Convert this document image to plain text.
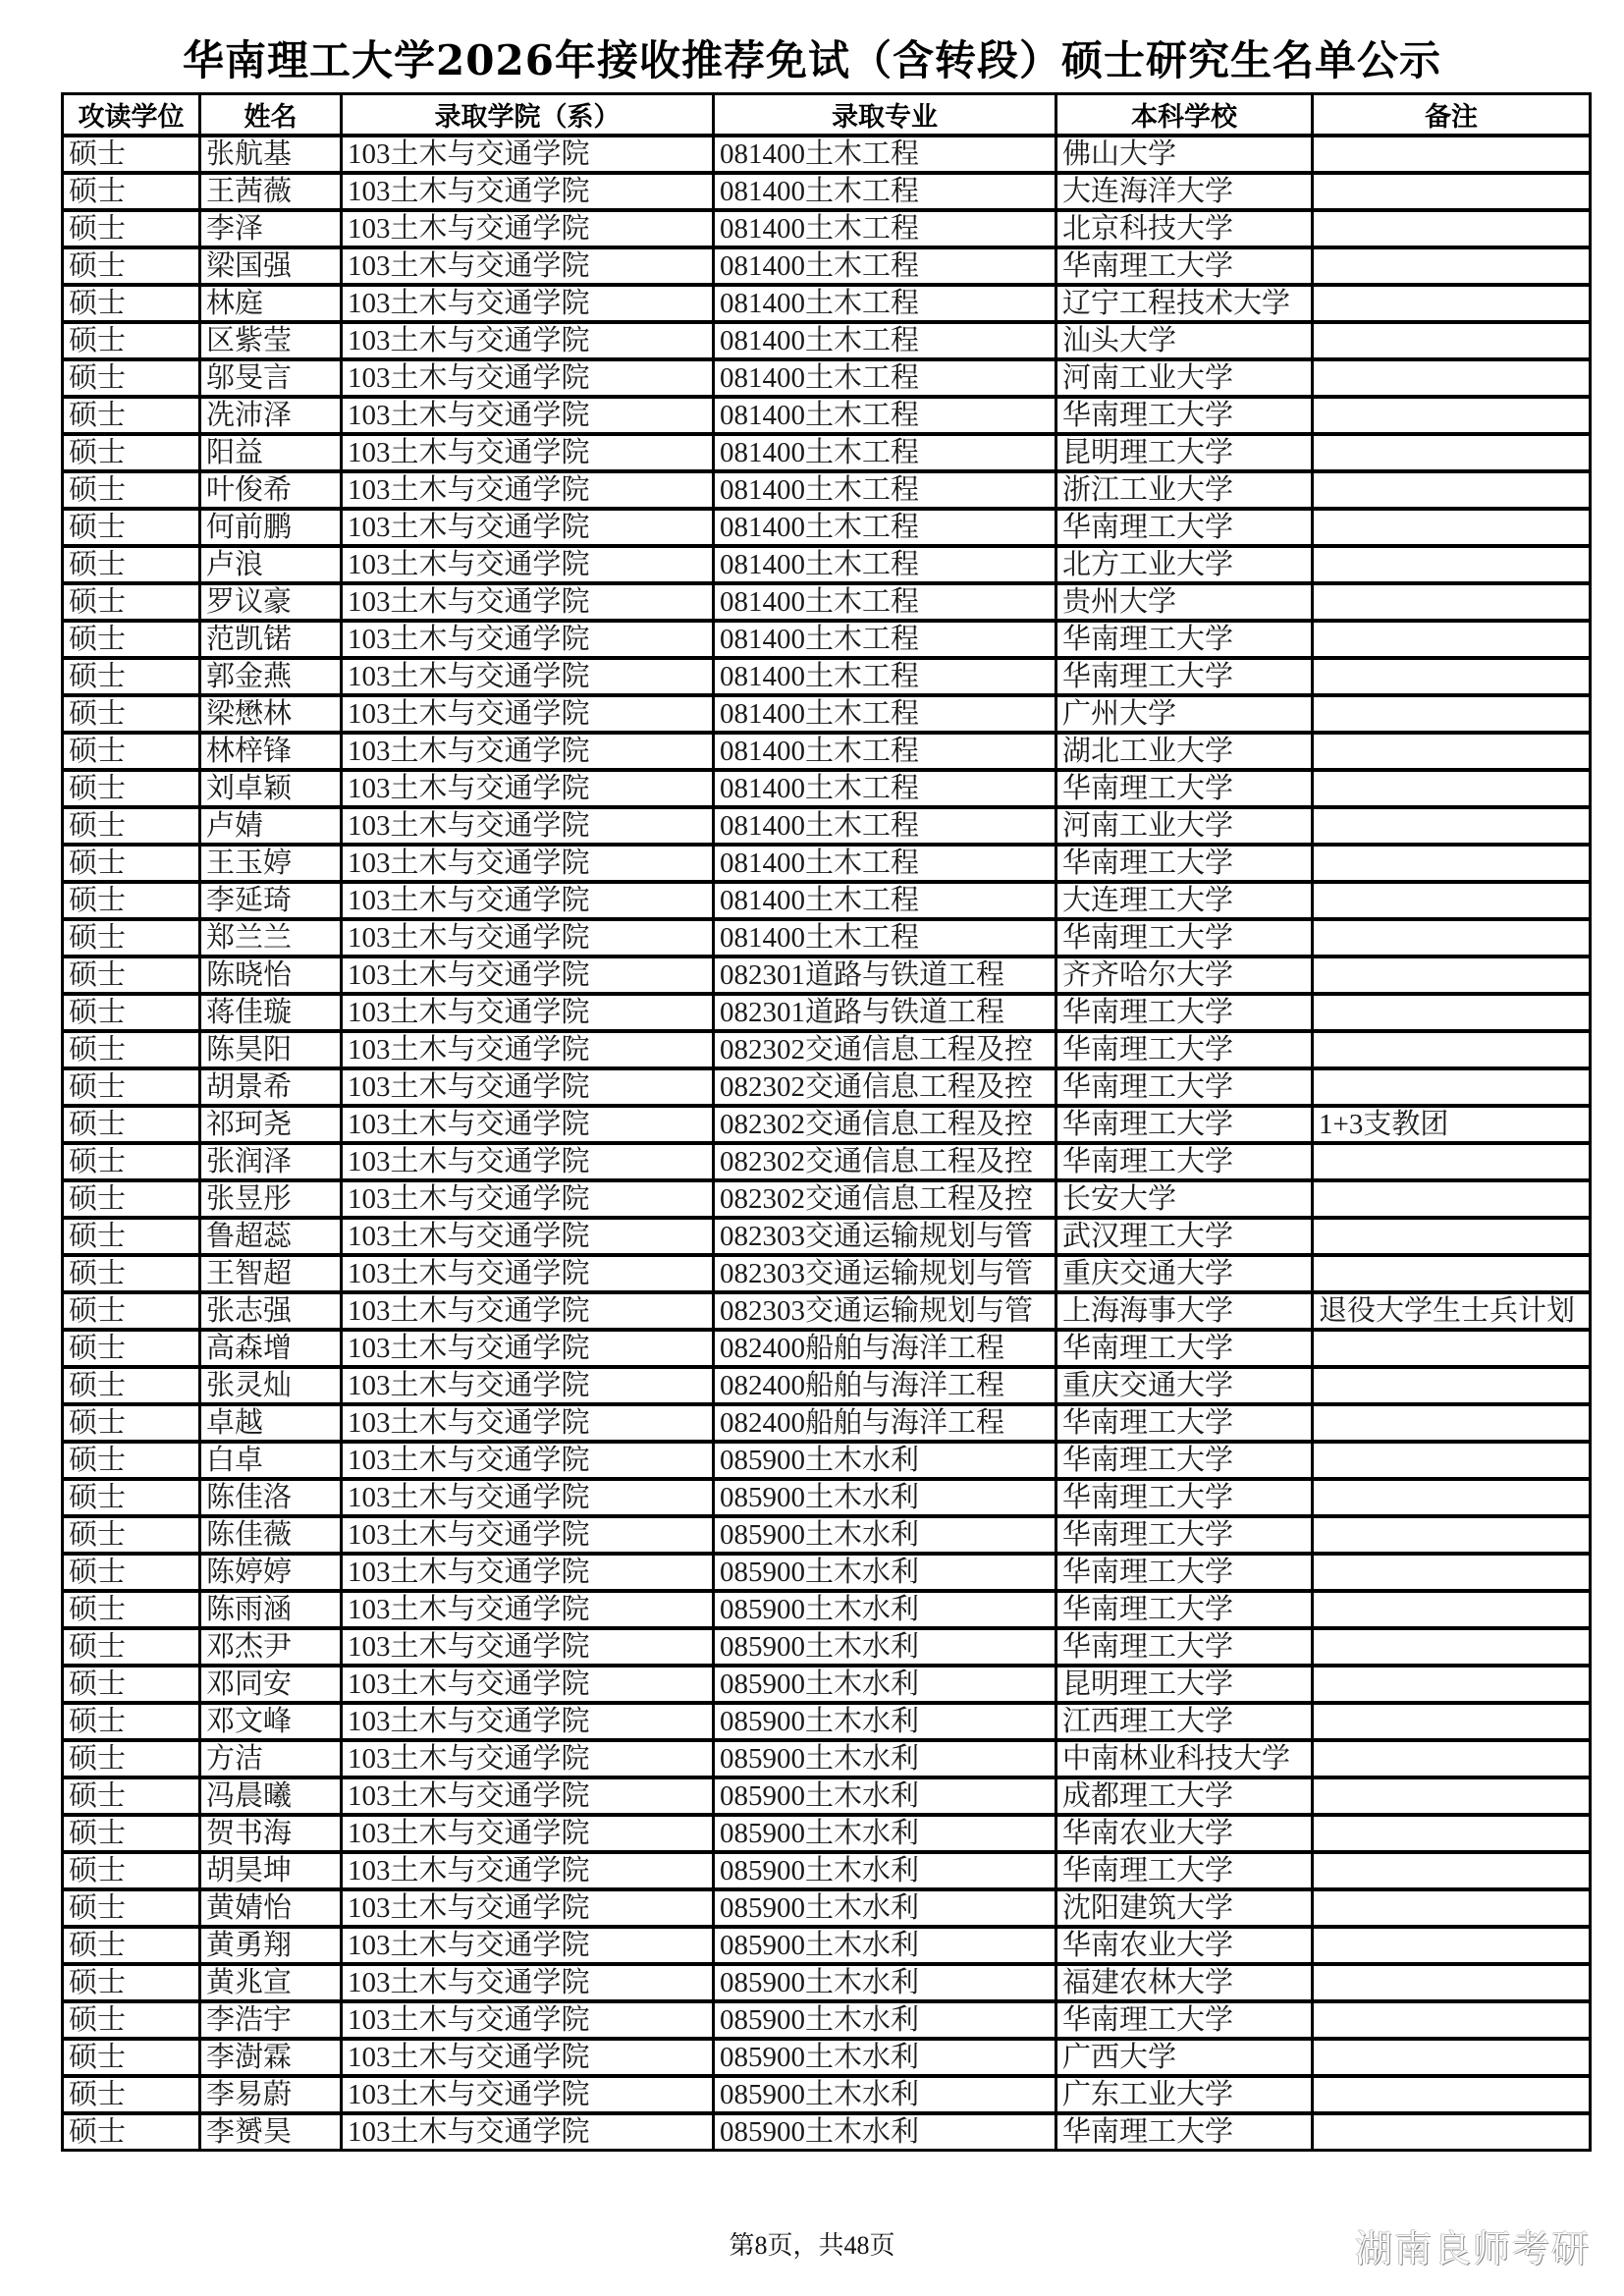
华南理工大学2026年接收推荐免试（含转段）硕士研究生名单公示
攻读学位	姓名	录取学院（系）	录取专业	本科学校	备注
硕士	张航基	103土木与交通学院	081400土木工程	佛山大学	
硕士	王茜薇	103土木与交通学院	081400土木工程	大连海洋大学	
硕士	李泽	103土木与交通学院	081400土木工程	北京科技大学	
硕士	梁国强	103土木与交通学院	081400土木工程	华南理工大学	
硕士	林庭	103土木与交通学院	081400土木工程	辽宁工程技术大学	
硕士	区紫莹	103土木与交通学院	081400土木工程	汕头大学	
硕士	邬旻言	103土木与交通学院	081400土木工程	河南工业大学	
硕士	冼沛泽	103土木与交通学院	081400土木工程	华南理工大学	
硕士	阳益	103土木与交通学院	081400土木工程	昆明理工大学	
硕士	叶俊希	103土木与交通学院	081400土木工程	浙江工业大学	
硕士	何前鹏	103土木与交通学院	081400土木工程	华南理工大学	
硕士	卢浪	103土木与交通学院	081400土木工程	北方工业大学	
硕士	罗议豪	103土木与交通学院	081400土木工程	贵州大学	
硕士	范凯锘	103土木与交通学院	081400土木工程	华南理工大学	
硕士	郭金燕	103土木与交通学院	081400土木工程	华南理工大学	
硕士	梁懋林	103土木与交通学院	081400土木工程	广州大学	
硕士	林梓锋	103土木与交通学院	081400土木工程	湖北工业大学	
硕士	刘卓颖	103土木与交通学院	081400土木工程	华南理工大学	
硕士	卢婧	103土木与交通学院	081400土木工程	河南工业大学	
硕士	王玉婷	103土木与交通学院	081400土木工程	华南理工大学	
硕士	李延琦	103土木与交通学院	081400土木工程	大连理工大学	
硕士	郑兰兰	103土木与交通学院	081400土木工程	华南理工大学	
硕士	陈晓怡	103土木与交通学院	082301道路与铁道工程	齐齐哈尔大学	
硕士	蒋佳璇	103土木与交通学院	082301道路与铁道工程	华南理工大学	
硕士	陈昊阳	103土木与交通学院	082302交通信息工程及控	华南理工大学	
硕士	胡景希	103土木与交通学院	082302交通信息工程及控	华南理工大学	
硕士	祁珂尧	103土木与交通学院	082302交通信息工程及控	华南理工大学	1+3支教团
硕士	张润泽	103土木与交通学院	082302交通信息工程及控	华南理工大学	
硕士	张昱彤	103土木与交通学院	082302交通信息工程及控	长安大学	
硕士	鲁超蕊	103土木与交通学院	082303交通运输规划与管	武汉理工大学	
硕士	王智超	103土木与交通学院	082303交通运输规划与管	重庆交通大学	
硕士	张志强	103土木与交通学院	082303交通运输规划与管	上海海事大学	退役大学生士兵计划
硕士	高森增	103土木与交通学院	082400船舶与海洋工程	华南理工大学	
硕士	张灵灿	103土木与交通学院	082400船舶与海洋工程	重庆交通大学	
硕士	卓越	103土木与交通学院	082400船舶与海洋工程	华南理工大学	
硕士	白卓	103土木与交通学院	085900土木水利	华南理工大学	
硕士	陈佳洛	103土木与交通学院	085900土木水利	华南理工大学	
硕士	陈佳薇	103土木与交通学院	085900土木水利	华南理工大学	
硕士	陈婷婷	103土木与交通学院	085900土木水利	华南理工大学	
硕士	陈雨涵	103土木与交通学院	085900土木水利	华南理工大学	
硕士	邓杰尹	103土木与交通学院	085900土木水利	华南理工大学	
硕士	邓同安	103土木与交通学院	085900土木水利	昆明理工大学	
硕士	邓文峰	103土木与交通学院	085900土木水利	江西理工大学	
硕士	方洁	103土木与交通学院	085900土木水利	中南林业科技大学	
硕士	冯晨曦	103土木与交通学院	085900土木水利	成都理工大学	
硕士	贺书海	103土木与交通学院	085900土木水利	华南农业大学	
硕士	胡昊坤	103土木与交通学院	085900土木水利	华南理工大学	
硕士	黄婧怡	103土木与交通学院	085900土木水利	沈阳建筑大学	
硕士	黄勇翔	103土木与交通学院	085900土木水利	华南农业大学	
硕士	黄兆宣	103土木与交通学院	085900土木水利	福建农林大学	
硕士	李浩宇	103土木与交通学院	085900土木水利	华南理工大学	
硕士	李澍霖	103土木与交通学院	085900土木水利	广西大学	
硕士	李易蔚	103土木与交通学院	085900土木水利	广东工业大学	
硕士	李赟昊	103土木与交通学院	085900土木水利	华南理工大学	
第8页，共48页	湖南良师考研
